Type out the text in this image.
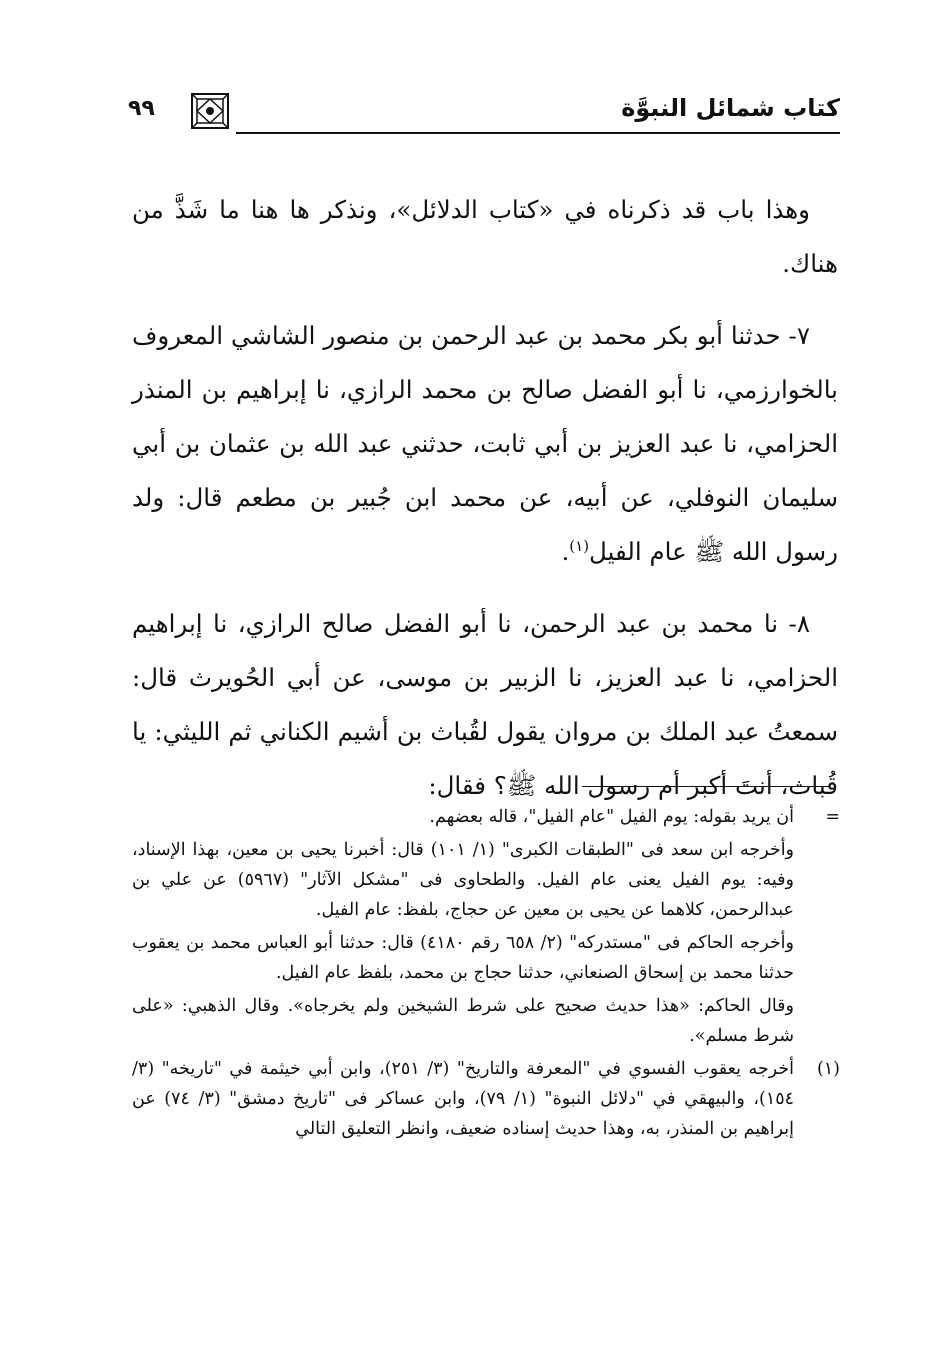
كتاب شمائل النبوَّة
٩٩

وهذا باب قد ذكرناه في «كتاب الدلائل»، ونذكر ها هنا ما شَذَّ من هناك.

٧- حدثنا أبو بكر محمد بن عبد الرحمن بن منصور الشاشي المعروف بالخوارزمي، نا أبو الفضل صالح بن محمد الرازي، نا إبراهيم بن المنذر الحزامي، نا عبد العزيز بن أبي ثابت، حدثني عبد الله بن عثمان بن أبي سليمان النوفلي، عن أبيه، عن محمد ابن جُبير بن مطعم قال: ولد رسول الله ﷺ عام الفيل$^{(١)}$.

٨- نا محمد بن عبد الرحمن، نا أبو الفضل صالح الرازي، نا إبراهيم الحزامي، نا عبد العزيز، نا الزبير بن موسى، عن أبي الحُويرث قال: سمعتُ عبد الملك بن مروان يقول لقُباث بن أشيم الكناني ثم الليثي: يا قُباث، أنتَ أكبر أم رسول الله ﷺ؟ فقال:

=
أن يريد بقوله: يوم الفيل "عام الفيل"، قاله بعضهم.

وأخرجه ابن سعد فى "الطبقات الكبرى" (١/ ١٠١) قال: أخبرنا يحيى بن معين، بهذا الإسناد، وفيه: يوم الفيل يعنى عام الفيل. والطحاوى فى "مشكل الآثار" (٥٩٦٧) عن علي بن عبدالرحمن، كلاهما عن يحيى بن معين عن حجاج، بلفظ: عام الفيل.

وأخرجه الحاكم فى "مستدركه" (٢/ ٦٥٨ رقم ٤١٨٠) قال: حدثنا أبو العباس محمد بن يعقوب حدثنا محمد بن إسحاق الصنعاني، حدثنا حجاج بن محمد، بلفظ عام الفيل.

وقال الحاكم: «هذا حديث صحيح على شرط الشيخين ولم يخرجاه». وقال الذهبي: «على شرط مسلم».

(١)
أخرجه يعقوب الفسوي في "المعرفة والتاريخ" (٣/ ٢٥١)، وابن أبي خيثمة في "تاريخه" (٣/ ١٥٤)، والبيهقي في "دلائل النبوة" (١/ ٧٩)، وابن عساكر فى "تاريخ دمشق" (٣/ ٧٤) عن إبراهيم بن المنذر، به، وهذا حديث إسناده ضعيف، وانظر التعليق التالي
